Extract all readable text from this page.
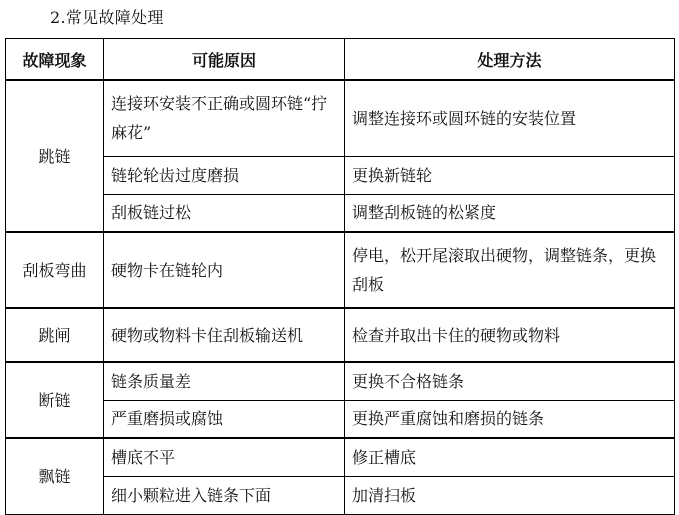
2.常见故障处理
故障现象	可能原因	处理方法
跳链	连接环安装不正确或圆环链“拧麻花”	调整连接环或圆环链的安装位置
	链轮轮齿过度磨损	更换新链轮
	刮板链过松	调整刮板链的松紧度
刮板弯曲	硬物卡在链轮内	停电，松开尾滚取出硬物，调整链条，更换刮板
跳闸	硬物或物料卡住刮板输送机	检查并取出卡住的硬物或物料
断链	链条质量差	更换不合格链条
	严重磨损或腐蚀	更换严重腐蚀和磨损的链条
飘链	槽底不平	修正槽底
	细小颗粒进入链条下面	加清扫板
